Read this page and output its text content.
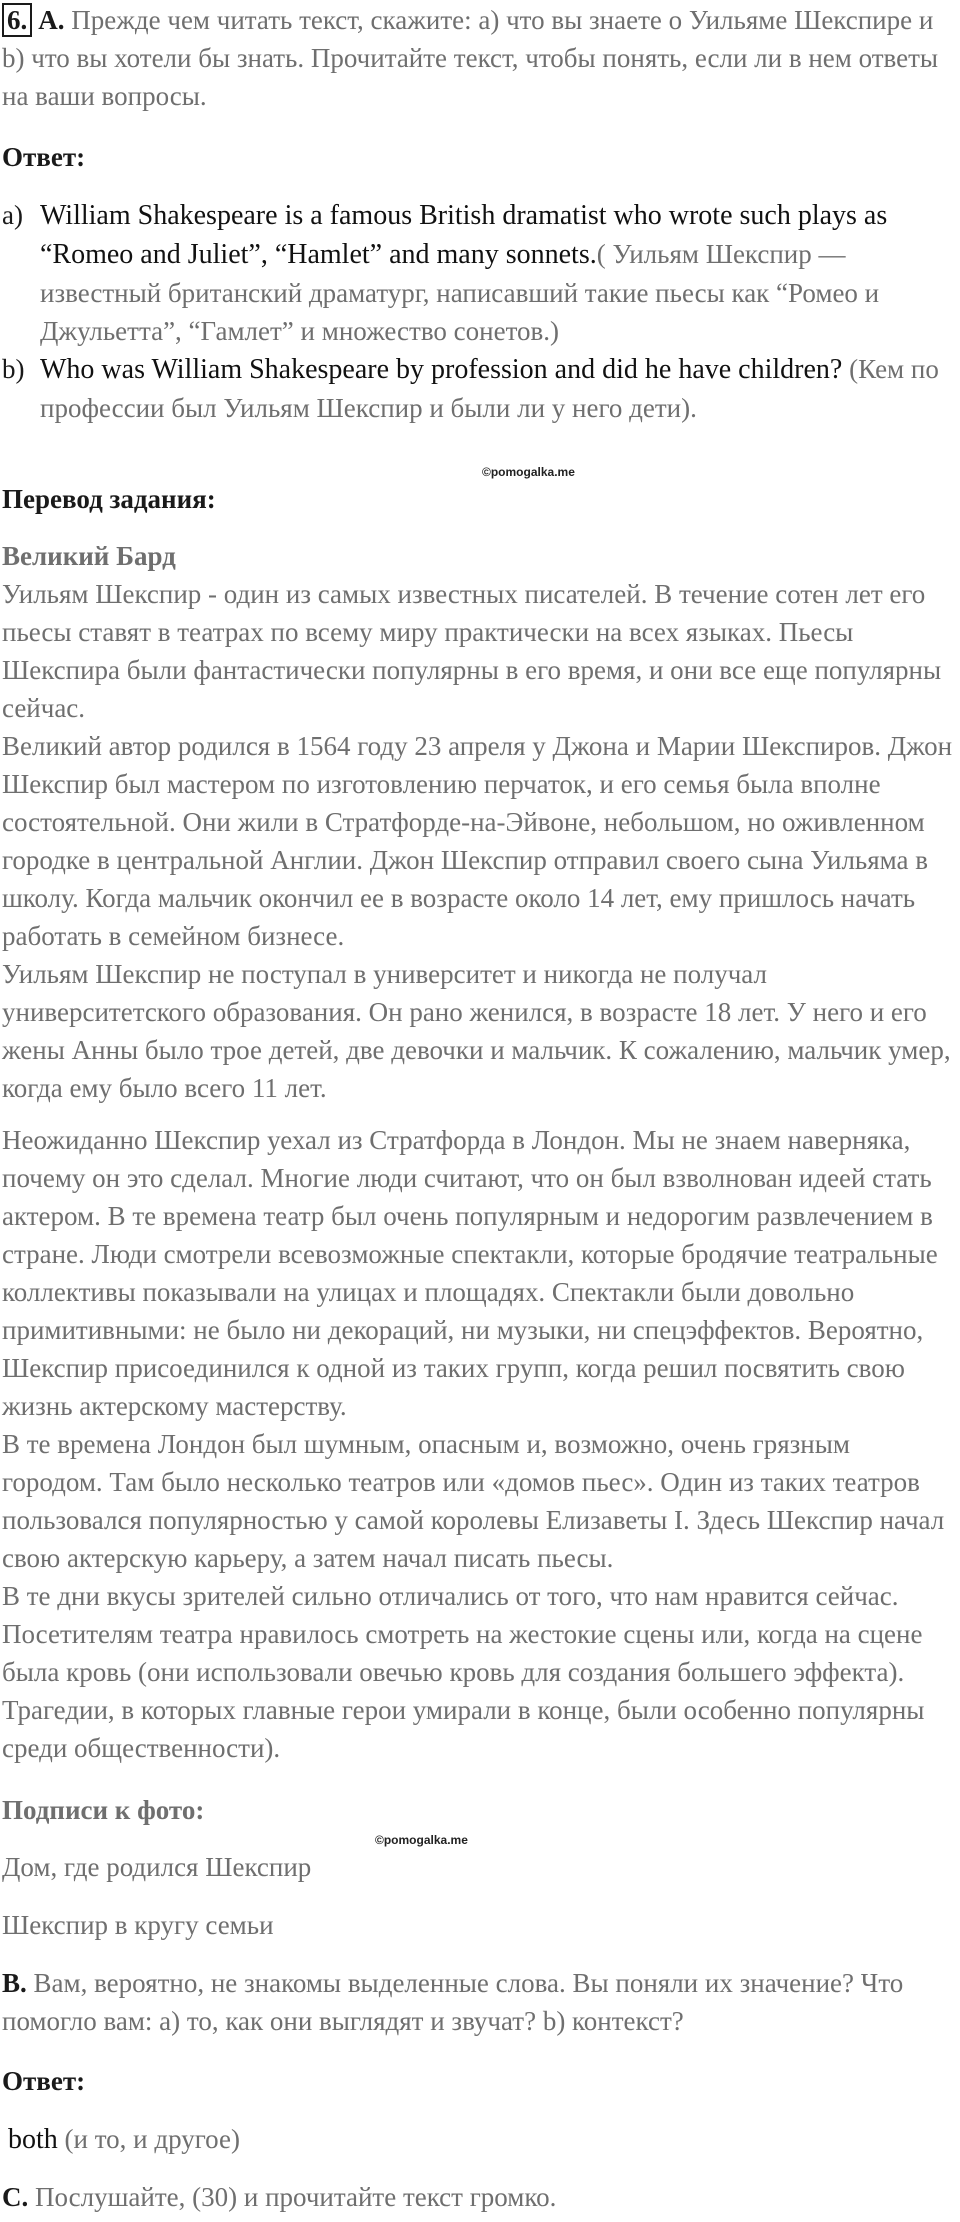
6. A. Прежде чем читать текст, скажите: a) что вы знаете о Уильяме Шекспире и b) что вы хотели бы знать. Прочитайте текст, чтобы понять, если ли в нем ответы на ваши вопросы.
Ответ:
a) William Shakespeare is a famous British dramatist who wrote such plays as “Romeo and Juliet”, “Hamlet” and many sonnets.( Уильям Шекспир — известный британский драматург, написавший такие пьесы как “Ромео и Джульетта”, “Гамлет” и множество сонетов.)
b) Who was William Shakespeare by profession and did he have children? (Кем по профессии был Уильям Шекспир и были ли у него дети).
©pomogalka.me
Перевод задания:

Великий Бард

Уильям Шекспир - один из самых известных писателей. В течение сотен лет его пьесы ставят в театрах по всему миру практически на всех языках. Пьесы Шекспира были фантастически популярны в его время, и они все еще популярны сейчас.

Великий автор родился в 1564 году 23 апреля у Джона и Марии Шекспиров. Джон Шекспир был мастером по изготовлению перчаток, и его семья была вполне состоятельной. Они жили в Стратфорде-на-Эйвоне, небольшом, но оживленном городке в центральной Англии. Джон Шекспир отправил своего сына Уильяма в школу. Когда мальчик окончил ее в возрасте около 14 лет, ему пришлось начать работать в семейном бизнесе.

Уильям Шекспир не поступал в университет и никогда не получал университетского образования. Он рано женился, в возрасте 18 лет. У него и его жены Анны было трое детей, две девочки и мальчик. К сожалению, мальчик умер, когда ему было всего 11 лет.

Неожиданно Шекспир уехал из Стратфорда в Лондон. Мы не знаем наверняка, почему он это сделал. Многие люди считают, что он был взволнован идеей стать актером. В те времена театр был очень популярным и недорогим развлечением в стране. Люди смотрели всевозможные спектакли, которые бродячие театральные коллективы показывали на улицах и площадях. Спектакли были довольно примитивными: не было ни декораций, ни музыки, ни спецэффектов. Вероятно, Шекспир присоединился к одной из таких групп, когда решил посвятить свою жизнь актерскому мастерству.

В те времена Лондон был шумным, опасным и, возможно, очень грязным городом. Там было несколько театров или «домов пьес». Один из таких театров пользовался популярностью у самой королевы Елизаветы I. Здесь Шекспир начал свою актерскую карьеру, а затем начал писать пьесы.

В те дни вкусы зрителей сильно отличались от того, что нам нравится сейчас. Посетителям театра нравилось смотреть на жестокие сцены или, когда на сцене была кровь (они использовали овечью кровь для создания большего эффекта). Трагедии, в которых главные герои умирали в конце, были особенно популярны среди общественности).

Подписи к фото:
©pomogalka.me
Дом, где родился Шекспир
Шекспир в кругу семьи
B. Вам, вероятно, не знакомы выделенные слова. Вы поняли их значение? Что помогло вам: a) то, как они выглядят и звучат? b) контекст?
Ответ:
both (и то, и другое)
C. Послушайте, (30) и прочитайте текст громко.
